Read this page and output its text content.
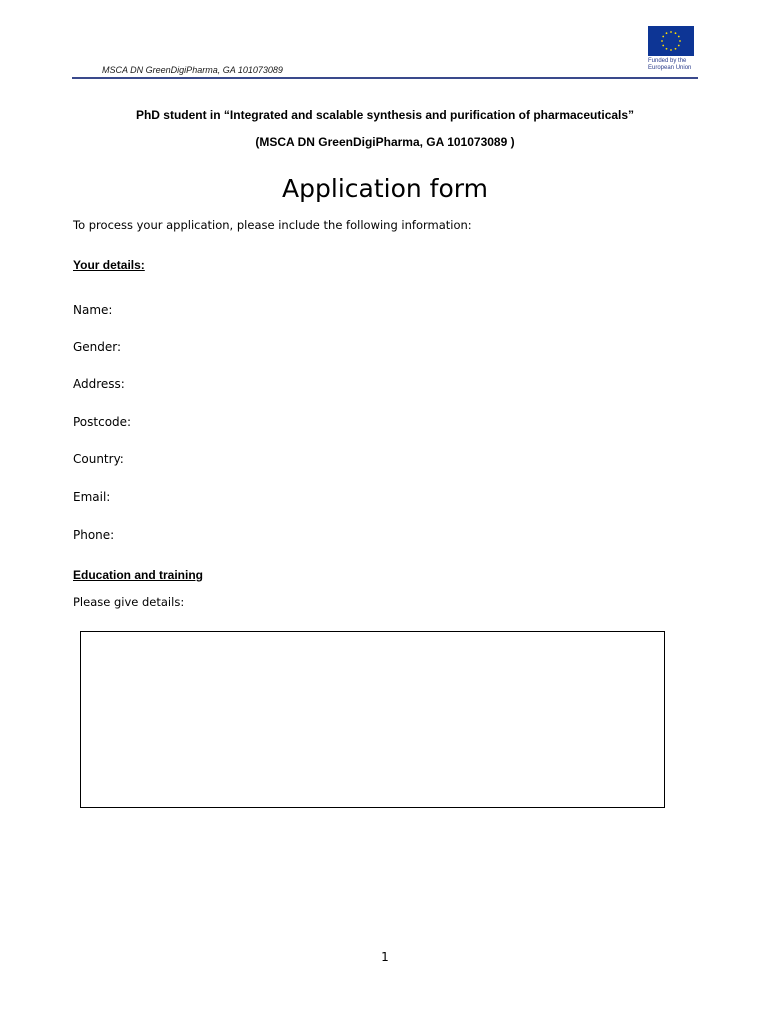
MSCA DN GreenDigiPharma, GA 101073089
Funded by the
European Union
PhD student in “Integrated and scalable synthesis and purification of pharmaceuticals”
(MSCA DN GreenDigiPharma, GA 101073089 )
Application form
To process your application, please include the following information:
Your details:
Name:
Gender:
Address:
Postcode:
Country:
Email:
Phone:
Education and training
Please give details:
1
